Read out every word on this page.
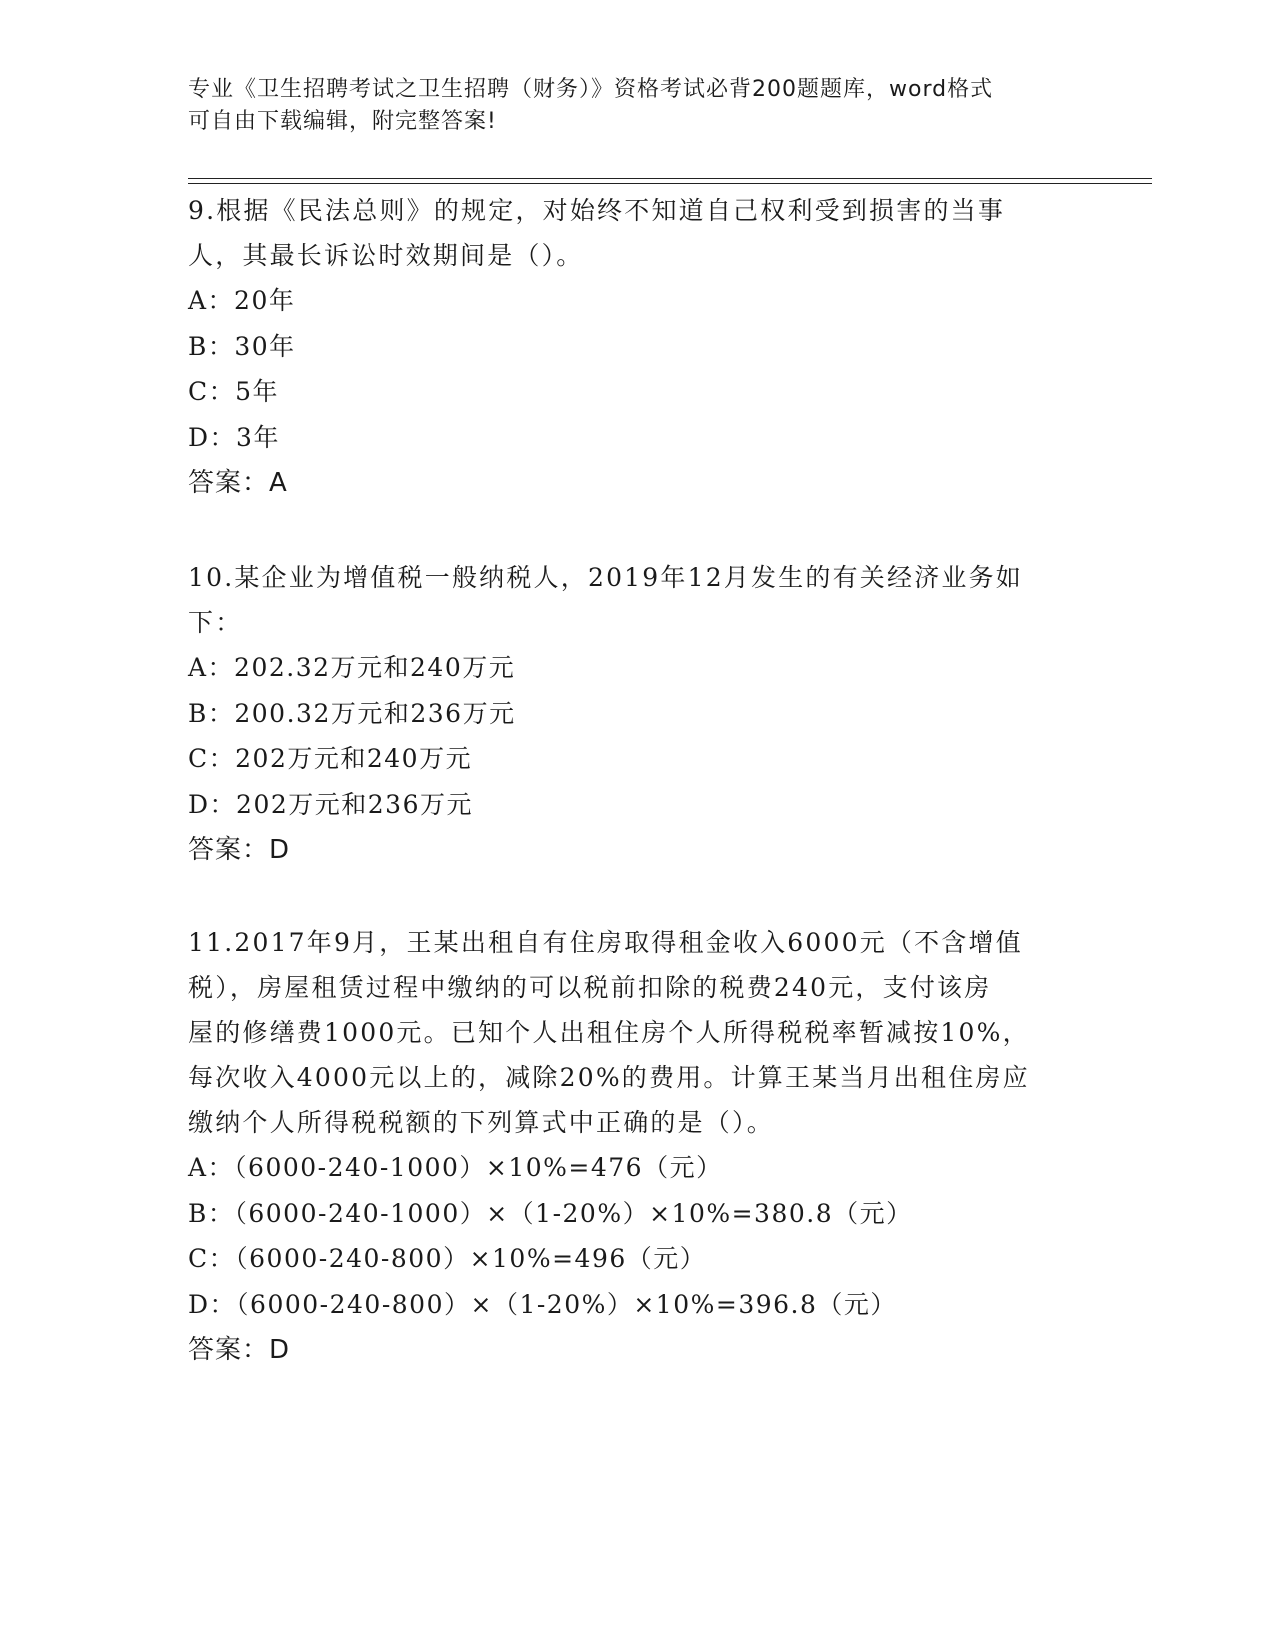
专业《卫生招聘考试之卫生招聘（财务）》资格考试必背200题题库，word格式
可自由下载编辑，附完整答案!
9.根据《民法总则》的规定，对始终不知道自己权利受到损害的当事
人，其最长诉讼时效期间是（）。
A：20年
B：30年
C：5年
D：3年
答案：A
10.某企业为增值税一般纳税人，2019年12月发生的有关经济业务如
下：
A：202.32万元和240万元
B：200.32万元和236万元
C：202万元和240万元
D：202万元和236万元
答案：D
11.2017年9月，王某出租自有住房取得租金收入6000元（不含增值
税），房屋租赁过程中缴纳的可以税前扣除的税费240元，支付该房
屋的修缮费1000元。已知个人出租住房个人所得税税率暂减按10%，
每次收入4000元以上的，减除20%的费用。计算王某当月出租住房应
缴纳个人所得税税额的下列算式中正确的是（）。
A：（6000-240-1000）×10%=476（元）
B：（6000-240-1000）×（1-20%）×10%=380.8（元）
C：（6000-240-800）×10%=496（元）
D：（6000-240-800）×（1-20%）×10%=396.8（元）
答案：D
